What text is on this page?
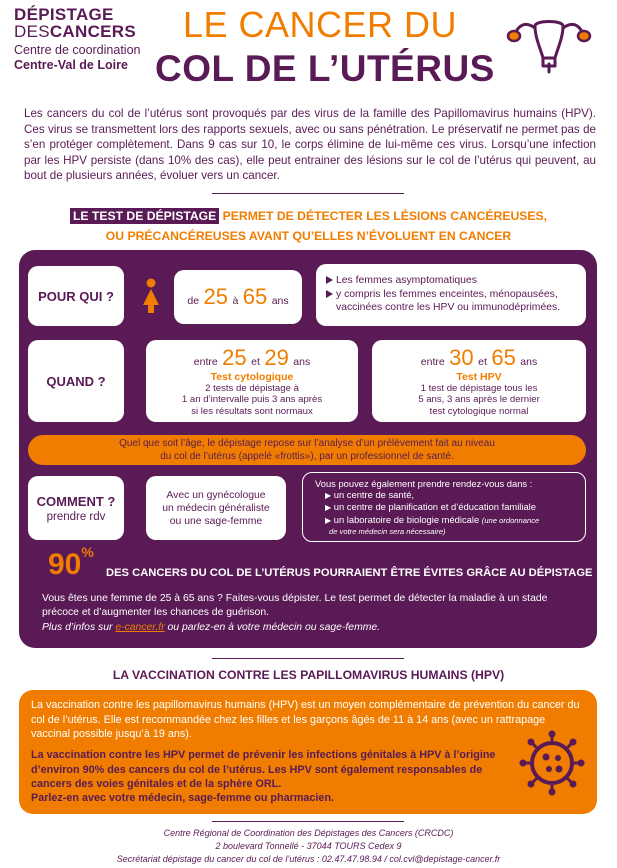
DÉPISTAGE
DESCANCERS
Centre de coordination
Centre-Val de Loire
LE CANCER DU
COL DE L’UTÉRUS
Les cancers du col de l’utérus sont provoqués par des virus de la famille des Papillomavirus humains (HPV). Ces virus se transmettent lors des rapports sexuels, avec ou sans pénétration. Le préservatif ne permet pas de s’en protéger complètement. Dans 9 cas sur 10, le corps élimine de lui-même ces virus. Lorsqu’une infection par les HPV persiste (dans 10% des cas), elle peut entrainer des lésions sur le col de l’utérus qui peuvent, au bout de plusieurs années, évoluer vers un cancer.
LE TEST DE DÉPISTAGE PERMET DE DÉTECTER LES LÉSIONS CANCÉREUSES,
OU PRÉCANCÉREUSES AVANT QU’ELLES N’ÉVOLUENT EN CANCER
POUR QUI ?	de 25 à 65 ans
Les femmes asymptomatiques
y compris les femmes enceintes, ménopausées,
vaccinées contre les HPV ou immunodéprimées.
QUAND ?
entre 25 et 29 ans
Test cytologique
2 tests de dépistage à
1 an d’intervalle puis 3 ans après
si les résultats sont normaux
entre 30 et 65 ans
Test HPV
1 test de dépistage tous les
5 ans, 3 ans après le dernier
test cytologique normal
Quel que soit l’âge, le dépistage repose sur l’analyse d’un prélèvement fait au niveau
du col de l’utérus (appelé «frottis»), par un professionnel de santé.
COMMENT ?
prendre rdv
Avec un gynécologue
un médecin généraliste
ou une sage-femme
Vous pouvez également prendre rendez-vous dans :
▶ un centre de santé,
▶ un centre de planification et d’éducation familiale
▶ un laboratoire de biologie médicale (une ordonnance
de votre médecin sera nécessaire)
90%
DES CANCERS DU COL DE L’UTÉRUS POURRAIENT ÊTRE ÉVITES GRÂCE AU DÉPISTAGE
Vous êtes une femme de 25 à 65 ans ? Faites-vous dépister. Le test permet de détecter la maladie à un stade précoce et d’augmenter les chances de guérison.
Plus d’infos sur e-cancer.fr ou parlez-en à votre médecin ou sage-femme.
LA VACCINATION CONTRE LES PAPILLOMAVIRUS HUMAINS (HPV)
La vaccination contre les papillomavirus humains (HPV) est un moyen complémentaire de prévention du cancer du col de l’utérus. Elle est recommandée chez les filles et les garçons âgés de 11 à 14 ans (avec un rattrapage vaccinal possible jusqu’à 19 ans).
La vaccination contre les HPV permet de prévenir les infections génitales à HPV à l’origine d’environ 90% des cancers du col de l’utérus. Les HPV sont également responsables de cancers des voies génitales et de la sphère ORL.
Parlez-en avec votre médecin, sage-femme ou pharmacien.
Centre Régional de Coordination des Dépistages des Cancers (CRCDC)
2 boulevard Tonnellé - 37044 TOURS Cedex 9
Secrétariat dépistage du cancer du col de l’utérus : 02.47.47.98.94 / col.cvl@depistage-cancer.fr
